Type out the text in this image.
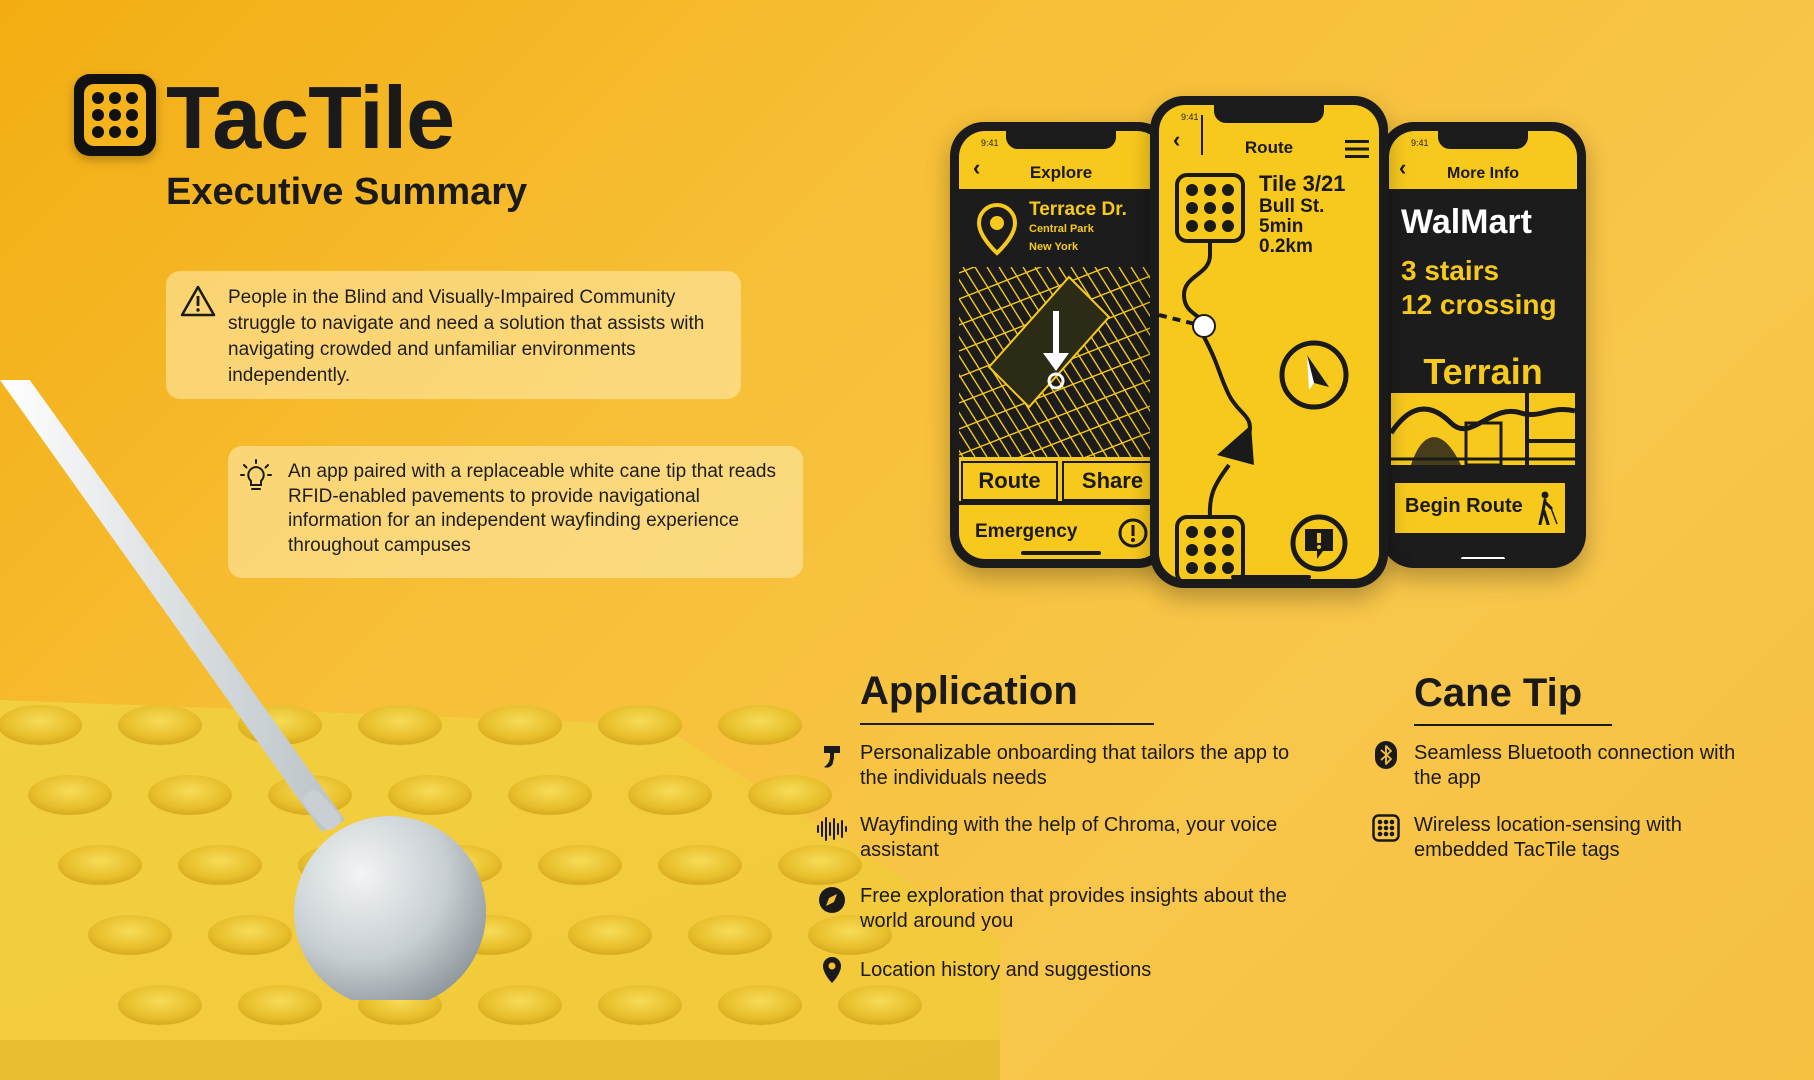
TacTile
Executive Summary
People in the Blind and Visually-Impaired Community struggle to navigate and need a solution that assists with navigating crowded and unfamiliar environments independently.
An app paired with a replaceable white cane tip that reads RFID-enabled pavements to provide navigational information for an independent wayfinding experience throughout campuses
9:41
‹	Explore
Terrace Dr.
Central Park
New York
Route	Share
Emergency
9:41
‹	More Info
WalMart
3 stairs
12 crossing
Terrain
Begin Route
9:41
‹	Route
Tile 3/21
Bull St.
5min
0.2km
Application
Personalizable onboarding that tailors the app to the individuals needs
Wayfinding with the help of Chroma, your voice assistant
Free exploration that provides insights about the world around you
Location history and suggestions
Cane Tip
Seamless Bluetooth connection with the app
Wireless location-sensing with embedded TacTile tags
